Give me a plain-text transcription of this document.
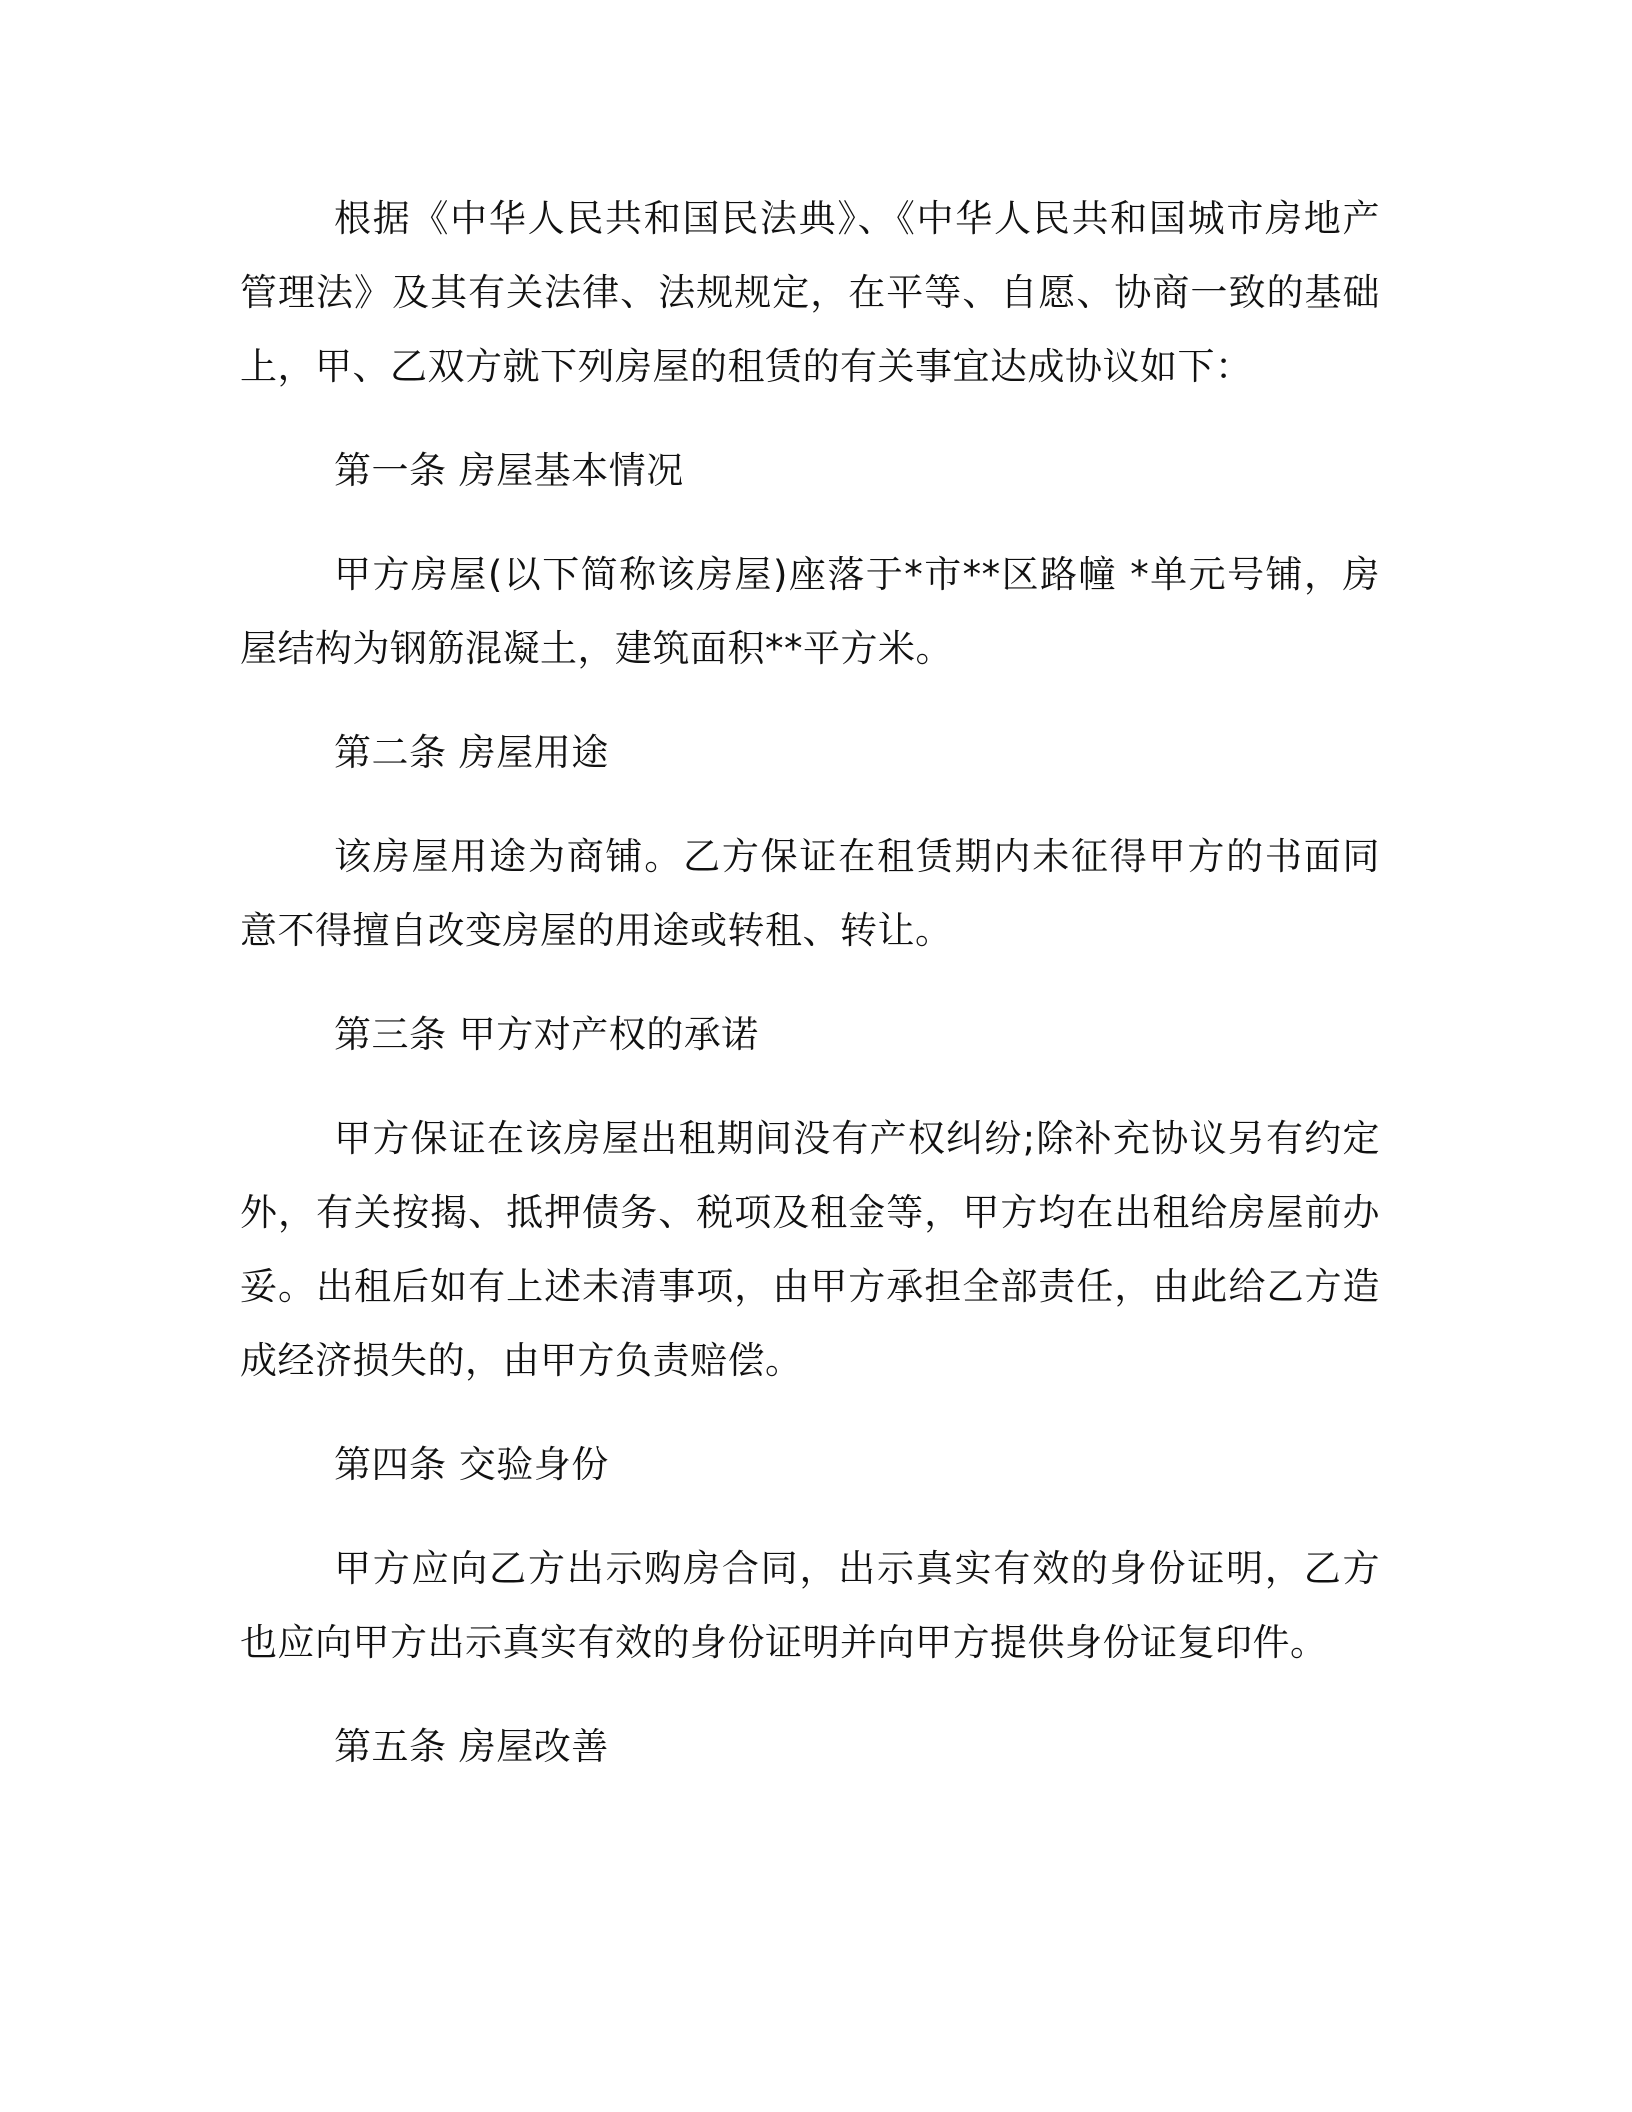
根据《中华人民共和国民法典》、《中华人民共和国城市房地产管理法》及其有关法律、法规规定，在平等、自愿、协商一致的基础上，甲、乙双方就下列房屋的租赁的有关事宜达成协议如下：

第一条 房屋基本情况

甲方房屋(以下简称该房屋)座落于*市**区路幢 *单元号铺，房屋结构为钢筋混凝土，建筑面积**平方米。

第二条 房屋用途

该房屋用途为商铺。乙方保证在租赁期内未征得甲方的书面同意不得擅自改变房屋的用途或转租、转让。

第三条 甲方对产权的承诺

甲方保证在该房屋出租期间没有产权纠纷;除补充协议另有约定外，有关按揭、抵押债务、税项及租金等，甲方均在出租给房屋前办妥。出租后如有上述未清事项，由甲方承担全部责任，由此给乙方造成经济损失的，由甲方负责赔偿。

第四条 交验身份

甲方应向乙方出示购房合同，出示真实有效的身份证明，乙方也应向甲方出示真实有效的身份证明并向甲方提供身份证复印件。

第五条 房屋改善
